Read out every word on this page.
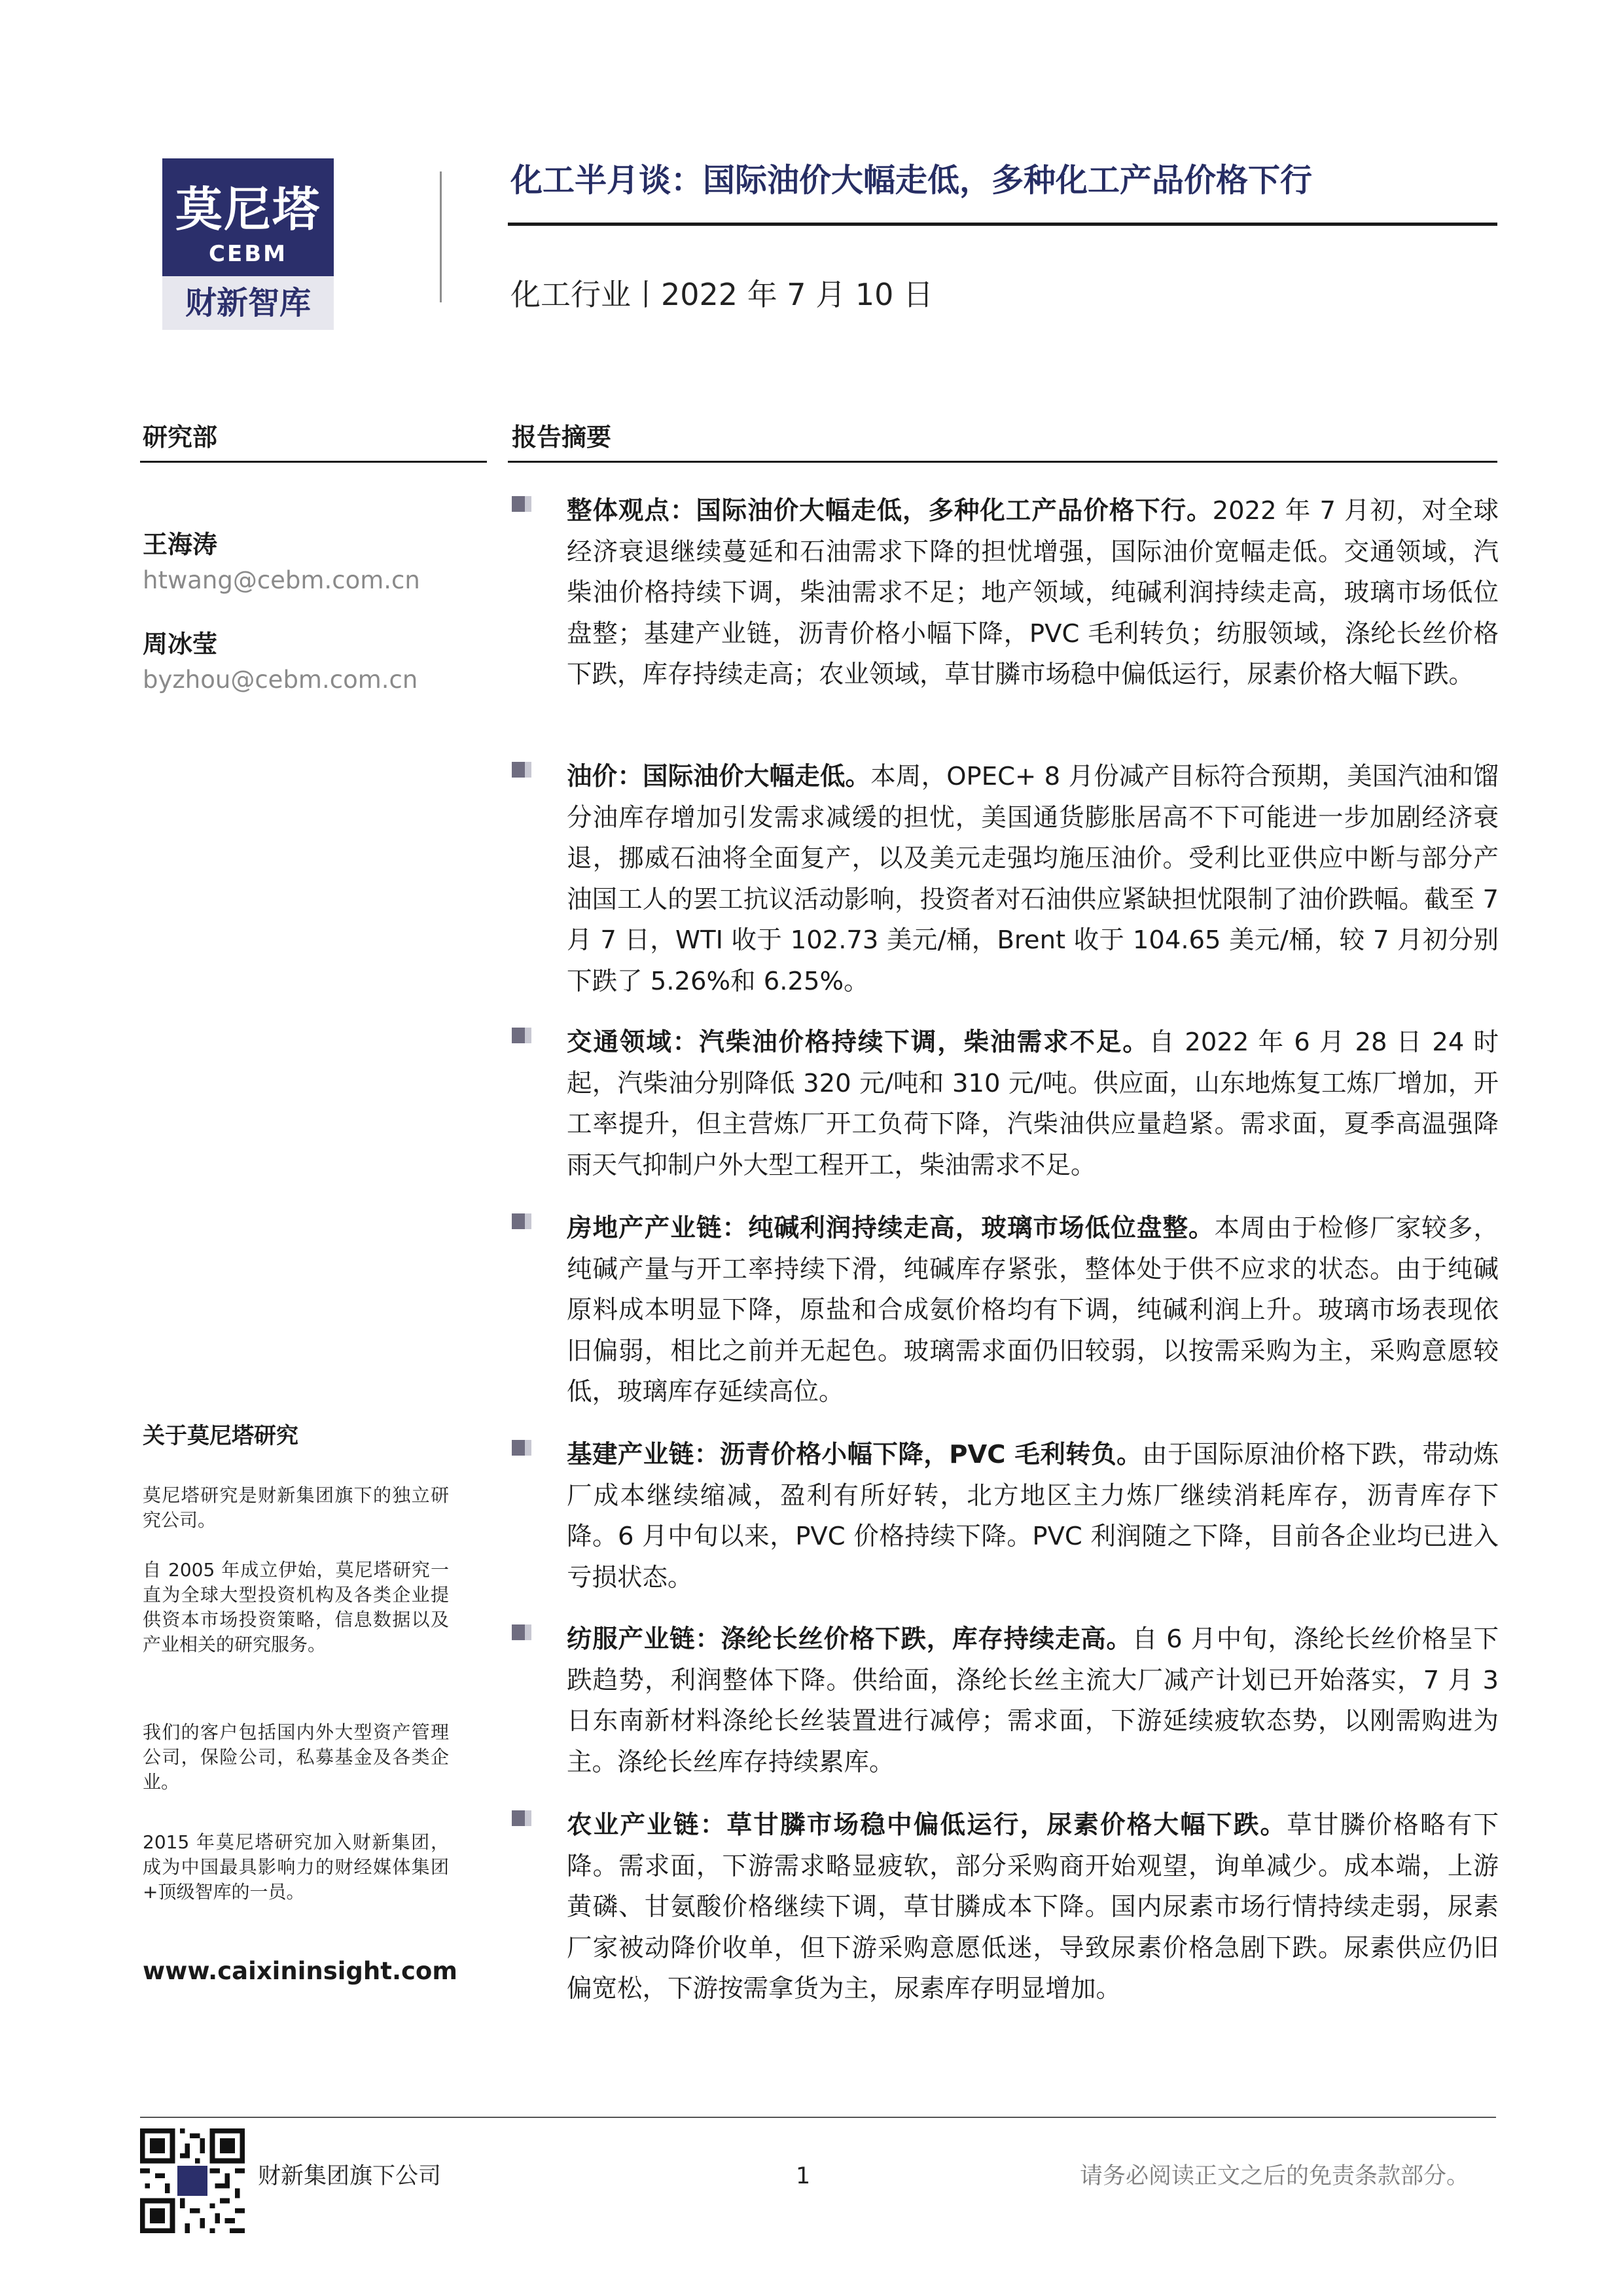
莫尼塔
CEBM
财新智库
化工半月谈：国际油价大幅走低，多种化工产品价格下行
化工行业丨2022 年 7 月 10 日
研究部
王海涛
htwang@cebm.com.cn
周冰莹
byzhou@cebm.com.cn
关于莫尼塔研究
莫尼塔研究是财新集团旗下的独立研究公司。
自 2005 年成立伊始，莫尼塔研究一直为全球大型投资机构及各类企业提供资本市场投资策略，信息数据以及产业相关的研究服务。
我们的客户包括国内外大型资产管理公司，保险公司，私募基金及各类企业。
2015 年莫尼塔研究加入财新集团，成为中国最具影响力的财经媒体集团+顶级智库的一员。
www.caixininsight.com
报告摘要
整体观点：国际油价大幅走低，多种化工产品价格下行。2022 年 7 月初，对全球经济衰退继续蔓延和石油需求下降的担忧增强，国际油价宽幅走低。交通领域，汽柴油价格持续下调，柴油需求不足；地产领域，纯碱利润持续走高，玻璃市场低位盘整；基建产业链，沥青价格小幅下降，PVC 毛利转负；纺服领域，涤纶长丝价格下跌，库存持续走高；农业领域，草甘膦市场稳中偏低运行，尿素价格大幅下跌。
油价：国际油价大幅走低。本周，OPEC+ 8 月份减产目标符合预期，美国汽油和馏分油库存增加引发需求减缓的担忧，美国通货膨胀居高不下可能进一步加剧经济衰退，挪威石油将全面复产，以及美元走强均施压油价。受利比亚供应中断与部分产油国工人的罢工抗议活动影响，投资者对石油供应紧缺担忧限制了油价跌幅。截至 7 月 7 日，WTI 收于 102.73 美元/桶，Brent 收于 104.65 美元/桶，较 7 月初分别下跌了 5.26%和 6.25%。
交通领域：汽柴油价格持续下调，柴油需求不足。自 2022 年 6 月 28 日 24 时起，汽柴油分别降低 320 元/吨和 310 元/吨。供应面，山东地炼复工炼厂增加，开工率提升，但主营炼厂开工负荷下降，汽柴油供应量趋紧。需求面，夏季高温强降雨天气抑制户外大型工程开工，柴油需求不足。
房地产产业链：纯碱利润持续走高，玻璃市场低位盘整。本周由于检修厂家较多，纯碱产量与开工率持续下滑，纯碱库存紧张，整体处于供不应求的状态。由于纯碱原料成本明显下降，原盐和合成氨价格均有下调，纯碱利润上升。玻璃市场表现依旧偏弱，相比之前并无起色。玻璃需求面仍旧较弱，以按需采购为主，采购意愿较低，玻璃库存延续高位。
基建产业链：沥青价格小幅下降，PVC 毛利转负。由于国际原油价格下跌，带动炼厂成本继续缩减，盈利有所好转，北方地区主力炼厂继续消耗库存，沥青库存下降。6 月中旬以来，PVC 价格持续下降。PVC 利润随之下降，目前各企业均已进入亏损状态。
纺服产业链：涤纶长丝价格下跌，库存持续走高。自 6 月中旬，涤纶长丝价格呈下跌趋势，利润整体下降。供给面，涤纶长丝主流大厂减产计划已开始落实，7 月 3 日东南新材料涤纶长丝装置进行减停；需求面，下游延续疲软态势，以刚需购进为主。涤纶长丝库存持续累库。
农业产业链：草甘膦市场稳中偏低运行，尿素价格大幅下跌。草甘膦价格略有下降。需求面，下游需求略显疲软，部分采购商开始观望，询单减少。成本端，上游黄磷、甘氨酸价格继续下调，草甘膦成本下降。国内尿素市场行情持续走弱，尿素厂家被动降价收单，但下游采购意愿低迷，导致尿素价格急剧下跌。尿素供应仍旧偏宽松，下游按需拿货为主，尿素库存明显增加。
财新集团旗下公司	1	请务必阅读正文之后的免责条款部分。
